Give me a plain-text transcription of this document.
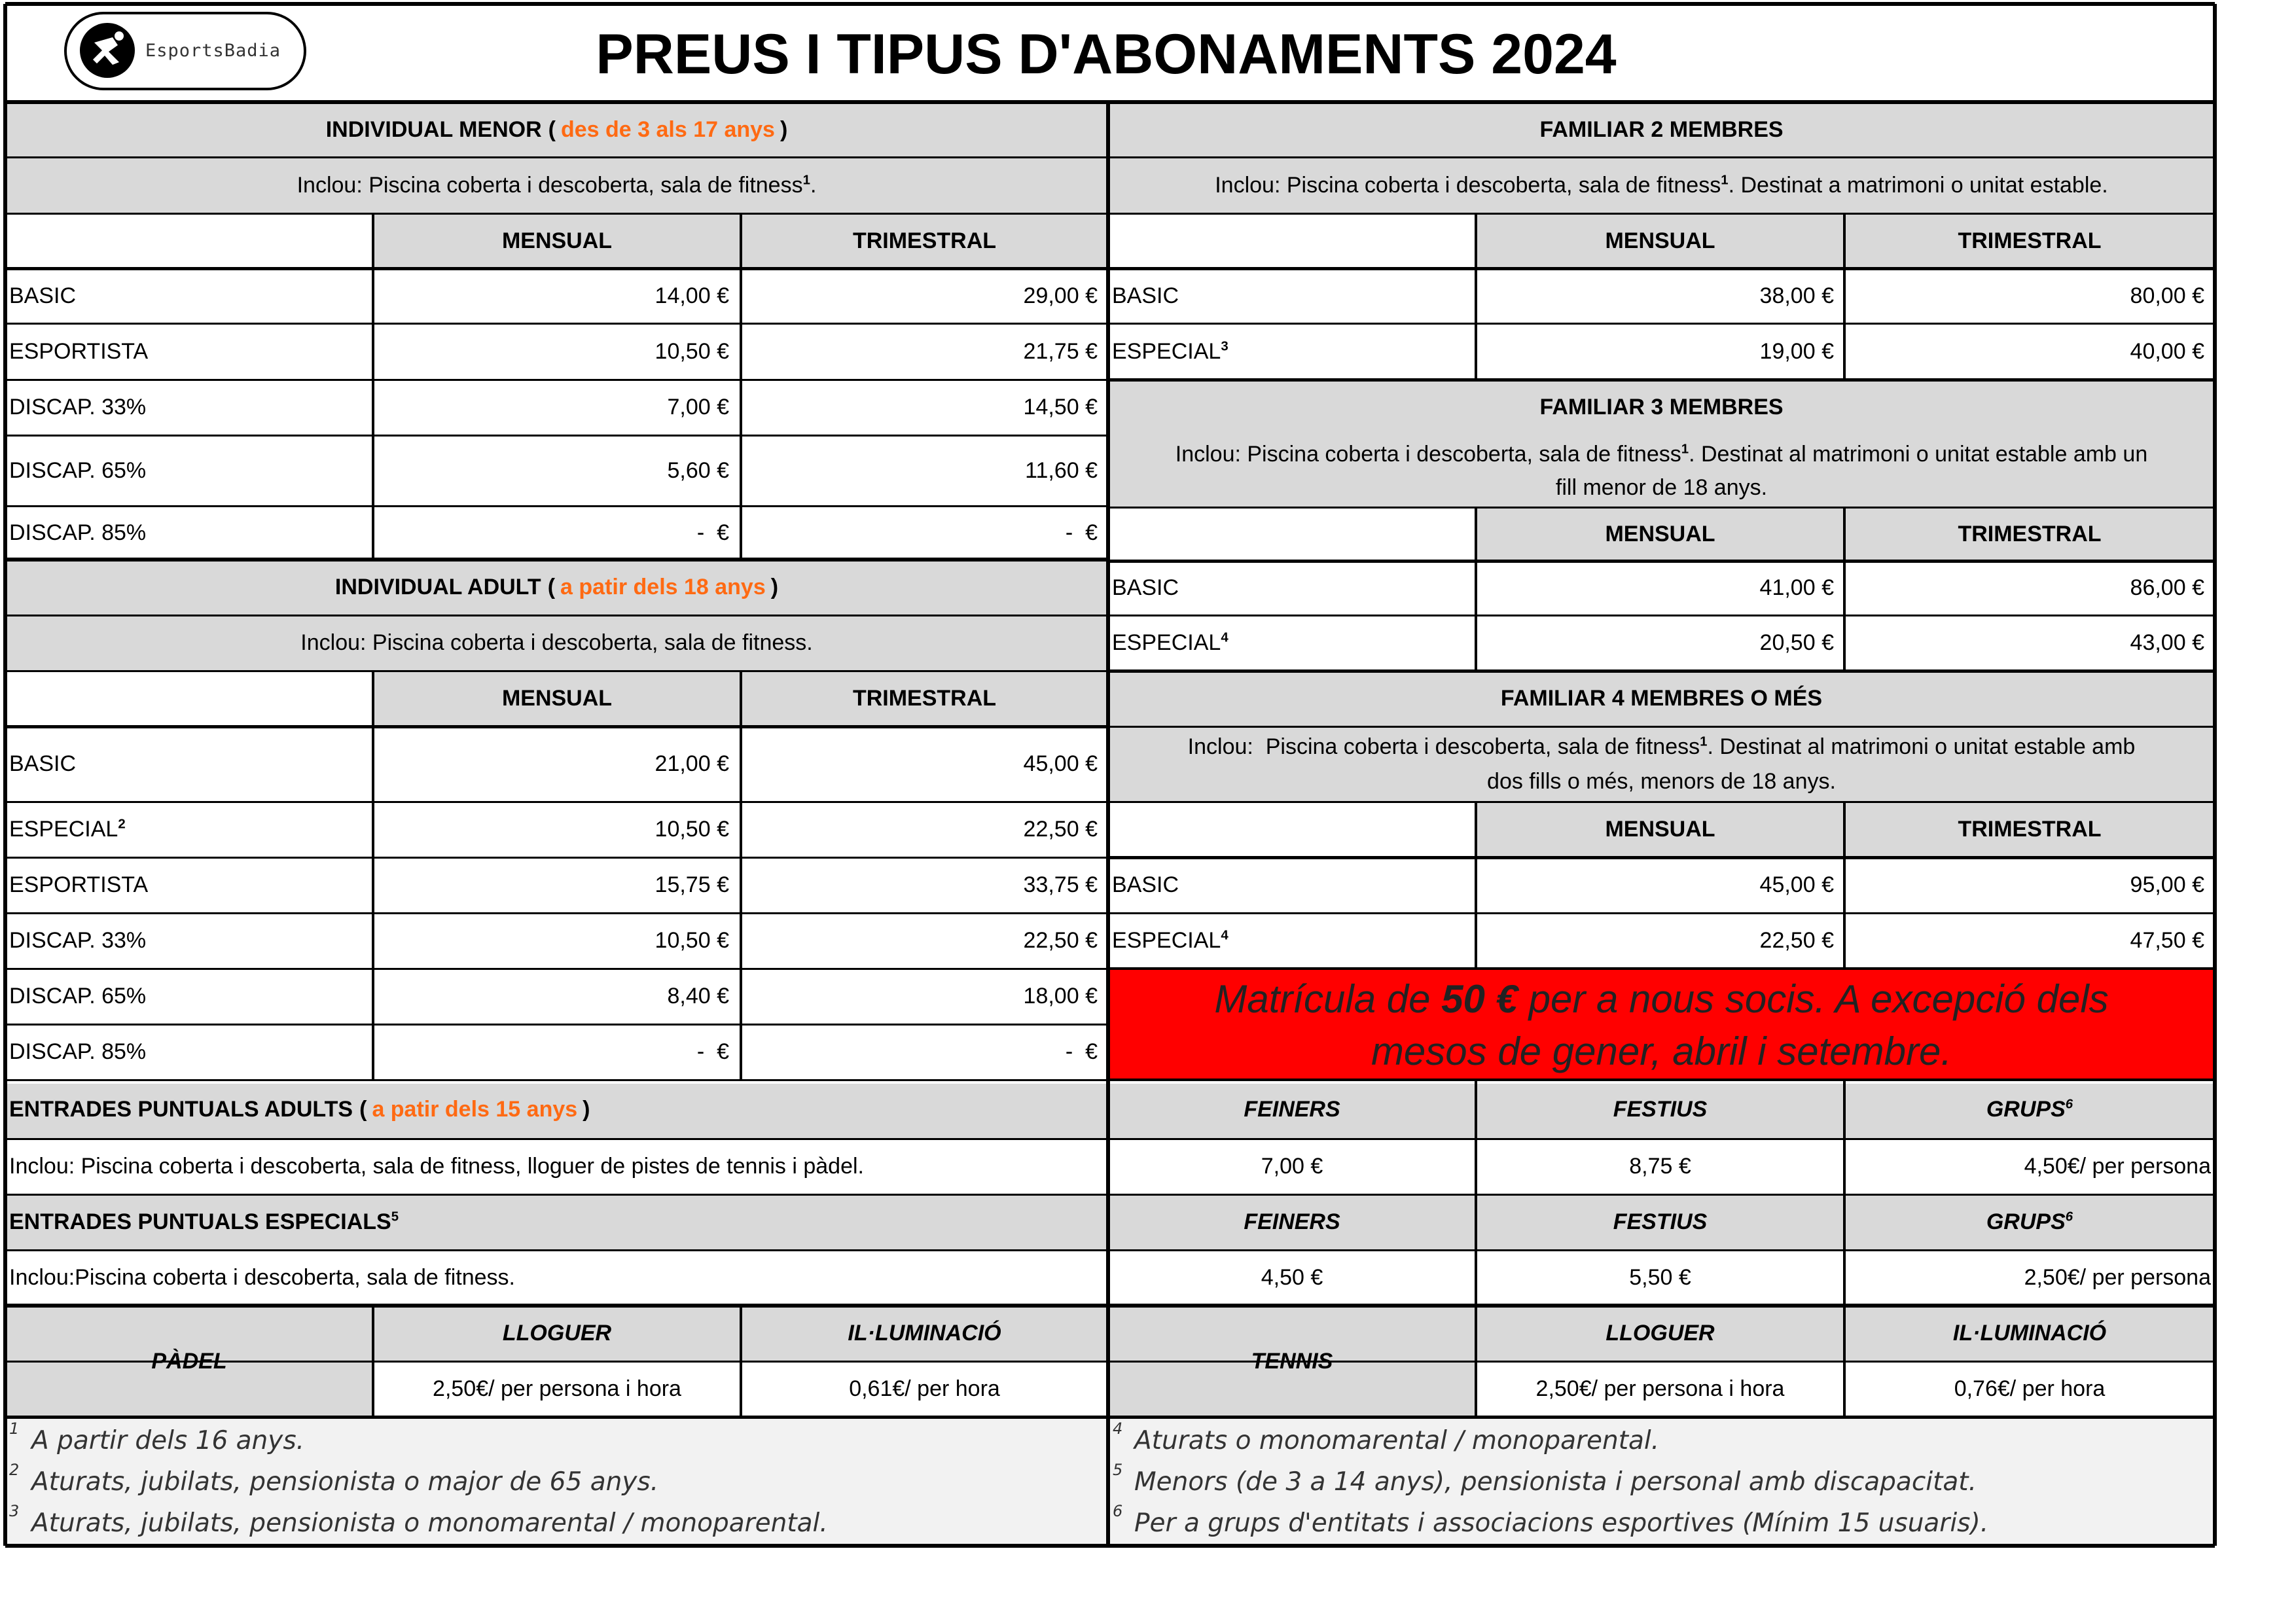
EsportsBadia	PREUS I TIPUS D'ABONAMENTS 2024
INDIVIDUAL MENOR ( des de 3 als 17 anys )
Inclou: Piscina coberta i descoberta, sala de fitness$^1$.
MENSUAL	TRIMESTRAL
BASIC	14,00 €	29,00 €
ESPORTISTA	10,50 €	21,75 €
DISCAP. 33%	7,00 €	14,50 €
DISCAP. 65%	5,60 €	11,60 €
DISCAP. 85%	-  €	-  €
INDIVIDUAL ADULT ( a patir dels 18 anys )
Inclou: Piscina coberta i descoberta, sala de fitness.
MENSUAL	TRIMESTRAL
BASIC	21,00 €	45,00 €
ESPECIAL$^2$	10,50 €	22,50 €
ESPORTISTA	15,75 €	33,75 €
DISCAP. 33%	10,50 €	22,50 €
DISCAP. 65%	8,40 €	18,00 €
DISCAP. 85%	-  €	-  €
FAMILIAR 2 MEMBRES
Inclou: Piscina coberta i descoberta, sala de fitness$^1$. Destinat a matrimoni o unitat estable.
MENSUAL	TRIMESTRAL
BASIC	38,00 €	80,00 €
ESPECIAL$^3$	19,00 €	40,00 €
FAMILIAR 3 MEMBRES
Inclou: Piscina coberta i descoberta, sala de fitness$^1$. Destinat al matrimoni o unitat estable amb un
fill menor de 18 anys.
MENSUAL	TRIMESTRAL
BASIC	41,00 €	86,00 €
ESPECIAL$^4$	20,50 €	43,00 €
FAMILIAR 4 MEMBRES O MÉS
Inclou:  Piscina coberta i descoberta, sala de fitness$^1$. Destinat al matrimoni o unitat estable amb
dos fills o més, menors de 18 anys.
MENSUAL	TRIMESTRAL
BASIC	45,00 €	95,00 €
ESPECIAL$^4$	22,50 €	47,50 €
Matrícula de 50 € per a nous socis. A excepció dels
mesos de gener, abril i setembre.
ENTRADES PUNTUALS ADULTS ( a patir dels 15 anys )
Inclou: Piscina coberta i descoberta, sala de fitness, lloguer de pistes de tennis i pàdel.
FEINERS	FESTIUS	GRUPS$^6$
7,00 €	8,75 €	4,50€/ per persona
ENTRADES PUNTUALS ESPECIALS$^5$
Inclou:Piscina coberta i descoberta, sala de fitness.
FEINERS	FESTIUS	GRUPS$^6$
4,50 €	5,50 €	2,50€/ per persona
PÀDEL
LLOGUER	IL·LUMINACIÓ
2,50€/ per persona i hora	0,61€/ per hora
TENNIS
LLOGUER	IL·LUMINACIÓ
2,50€/ per persona i hora	0,76€/ per hora
1 A partir dels 16 anys.
2 Aturats, jubilats, pensionista o major de 65 anys.
3 Aturats, jubilats, pensionista o monomarental / monoparental.
4 Aturats o monomarental / monoparental.
5 Menors (de 3 a 14 anys), pensionista i personal amb discapacitat.
6 Per a grups d'entitats i associacions esportives (Mínim 15 usuaris).
